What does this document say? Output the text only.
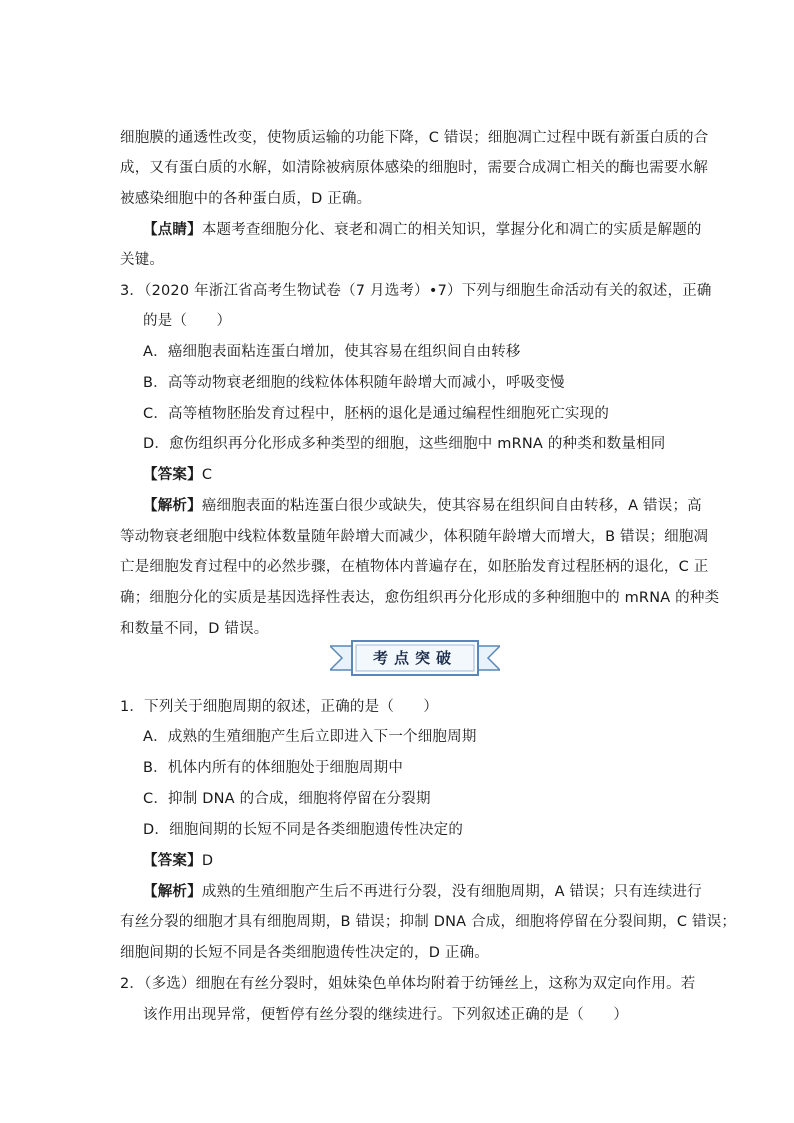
细胞膜的通透性改变，使物质运输的功能下降，C 错误；细胞凋亡过程中既有新蛋白质的合
成，又有蛋白质的水解，如清除被病原体感染的细胞时，需要合成凋亡相关的酶也需要水解
被感染细胞中的各种蛋白质，D 正确。
【点睛】本题考查细胞分化、衰老和凋亡的相关知识，掌握分化和凋亡的实质是解题的
关键。
3．（2020 年浙江省高考生物试卷（7 月选考）•7）下列与细胞生命活动有关的叙述，正确
的是（　　）
A．癌细胞表面粘连蛋白增加，使其容易在组织间自由转移
B．高等动物衰老细胞的线粒体体积随年龄增大而减小，呼吸变慢
C．高等植物胚胎发育过程中，胚柄的退化是通过编程性细胞死亡实现的
D．愈伤组织再分化形成多种类型的细胞，这些细胞中 mRNA 的种类和数量相同
【答案】C
【解析】癌细胞表面的粘连蛋白很少或缺失，使其容易在组织间自由转移，A 错误；高
等动物衰老细胞中线粒体数量随年龄增大而减少，体积随年龄增大而增大，B 错误；细胞凋
亡是细胞发育过程中的必然步骤，在植物体内普遍存在，如胚胎发育过程胚柄的退化，C 正
确；细胞分化的实质是基因选择性表达，愈伤组织再分化形成的多种细胞中的 mRNA 的种类
和数量不同，D 错误。
考点突破
1．下列关于细胞周期的叙述，正确的是（　　）
A．成熟的生殖细胞产生后立即进入下一个细胞周期
B．机体内所有的体细胞处于细胞周期中
C．抑制 DNA 的合成，细胞将停留在分裂期
D．细胞间期的长短不同是各类细胞遗传性决定的
【答案】D
【解析】成熟的生殖细胞产生后不再进行分裂，没有细胞周期，A 错误；只有连续进行
有丝分裂的细胞才具有细胞周期，B 错误；抑制 DNA 合成，细胞将停留在分裂间期，C 错误；
细胞间期的长短不同是各类细胞遗传性决定的，D 正确。
2．（多选）细胞在有丝分裂时，姐妹染色单体均附着于纺锤丝上，这称为双定向作用。若
该作用出现异常，便暂停有丝分裂的继续进行。下列叙述正确的是（　　）
